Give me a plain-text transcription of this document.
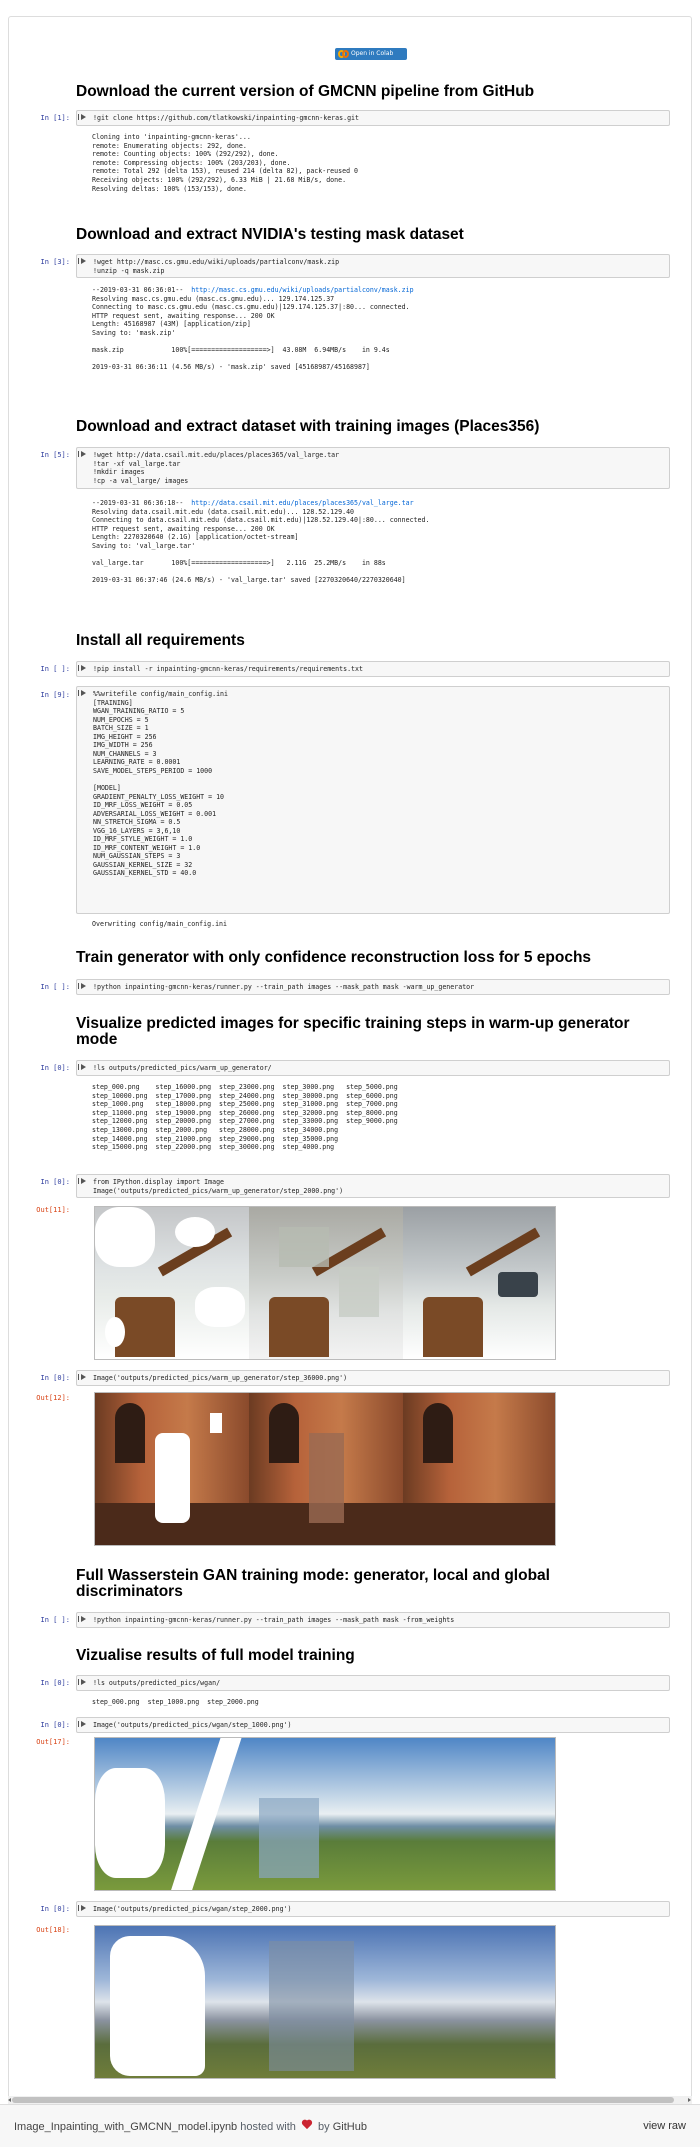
Open in Colab
Download the current version of GMCNN pipeline from GitHub
In [1]:	!git clone https://github.com/tlatkowski/inpainting-gmcnn-keras.git
Cloning into 'inpainting-gmcnn-keras'...
remote: Enumerating objects: 292, done.
remote: Counting objects: 100% (292/292), done.
remote: Compressing objects: 100% (203/203), done.
remote: Total 292 (delta 153), reused 214 (delta 82), pack-reused 0
Receiving objects: 100% (292/292), 6.33 MiB | 21.68 MiB/s, done.
Resolving deltas: 100% (153/153), done.
Download and extract NVIDIA's testing mask dataset
In [3]:	!wget http://masc.cs.gmu.edu/wiki/uploads/partialconv/mask.zip
!unzip -q mask.zip
--2019-03-31 06:36:01--  http://masc.cs.gmu.edu/wiki/uploads/partialconv/mask.zip
Resolving masc.cs.gmu.edu (masc.cs.gmu.edu)... 129.174.125.37
Connecting to masc.cs.gmu.edu (masc.cs.gmu.edu)|129.174.125.37|:80... connected.
HTTP request sent, awaiting response... 200 OK
Length: 45168987 (43M) [application/zip]
Saving to: 'mask.zip'

mask.zip            100%[===================>]  43.08M  6.94MB/s    in 9.4s

2019-03-31 06:36:11 (4.56 MB/s) - 'mask.zip' saved [45168987/45168987]
Download and extract dataset with training images (Places356)
In [5]:	!wget http://data.csail.mit.edu/places/places365/val_large.tar
!tar -xf val_large.tar
!mkdir images
!cp -a val_large/ images
--2019-03-31 06:36:18--  http://data.csail.mit.edu/places/places365/val_large.tar
Resolving data.csail.mit.edu (data.csail.mit.edu)... 128.52.129.40
Connecting to data.csail.mit.edu (data.csail.mit.edu)|128.52.129.40|:80... connected.
HTTP request sent, awaiting response... 200 OK
Length: 2270320640 (2.1G) [application/octet-stream]
Saving to: 'val_large.tar'

val_large.tar       100%[===================>]   2.11G  25.2MB/s    in 88s

2019-03-31 06:37:46 (24.6 MB/s) - 'val_large.tar' saved [2270320640/2270320640]
Install all requirements
In [ ]:	!pip install -r inpainting-gmcnn-keras/requirements/requirements.txt
In [9]:	%%writefile config/main_config.ini
[TRAINING]
WGAN_TRAINING_RATIO = 5
NUM_EPOCHS = 5
BATCH_SIZE = 1
IMG_HEIGHT = 256
IMG_WIDTH = 256
NUM_CHANNELS = 3
LEARNING_RATE = 0.0001
SAVE_MODEL_STEPS_PERIOD = 1000

[MODEL]
GRADIENT_PENALTY_LOSS_WEIGHT = 10
ID_MRF_LOSS_WEIGHT = 0.05
ADVERSARIAL_LOSS_WEIGHT = 0.001
NN_STRETCH_SIGMA = 0.5
VGG_16_LAYERS = 3,6,10
ID_MRF_STYLE_WEIGHT = 1.0
ID_MRF_CONTENT_WEIGHT = 1.0
NUM_GAUSSIAN_STEPS = 3
GAUSSIAN_KERNEL_SIZE = 32
GAUSSIAN_KERNEL_STD = 40.0
Overwriting config/main_config.ini
Train generator with only confidence reconstruction loss for 5 epochs
In [ ]:	!python inpainting-gmcnn-keras/runner.py --train_path images --mask_path mask -warm_up_generator
Visualize predicted images for specific training steps in warm-up generator
mode
In [0]:	!ls outputs/predicted_pics/warm_up_generator/
step_000.png    step_16000.png  step_23000.png  step_3000.png   step_5000.png
step_10000.png  step_17000.png  step_24000.png  step_30000.png  step_6000.png
step_1000.png   step_18000.png  step_25000.png  step_31000.png  step_7000.png
step_11000.png  step_19000.png  step_26000.png  step_32000.png  step_8000.png
step_12000.png  step_20000.png  step_27000.png  step_33000.png  step_9000.png
step_13000.png  step_2000.png   step_28000.png  step_34000.png
step_14000.png  step_21000.png  step_29000.png  step_35000.png
step_15000.png  step_22000.png  step_30000.png  step_4000.png
In [0]:	from IPython.display import Image
Image('outputs/predicted_pics/warm_up_generator/step_2000.png')
Out[11]:
In [0]:	Image('outputs/predicted_pics/warm_up_generator/step_36000.png')
Out[12]:
Full Wasserstein GAN training mode: generator, local and global
discriminators
In [ ]:	!python inpainting-gmcnn-keras/runner.py --train_path images --mask_path mask -from_weights
Vizualise results of full model training
In [0]:	!ls outputs/predicted_pics/wgan/
step_000.png  step_1000.png  step_2000.png
In [0]:	Image('outputs/predicted_pics/wgan/step_1000.png')
Out[17]:
In [0]:	Image('outputs/predicted_pics/wgan/step_2000.png')
Out[18]:
Image_Inpainting_with_GMCNN_model.ipynb hosted with by GitHub	view raw
